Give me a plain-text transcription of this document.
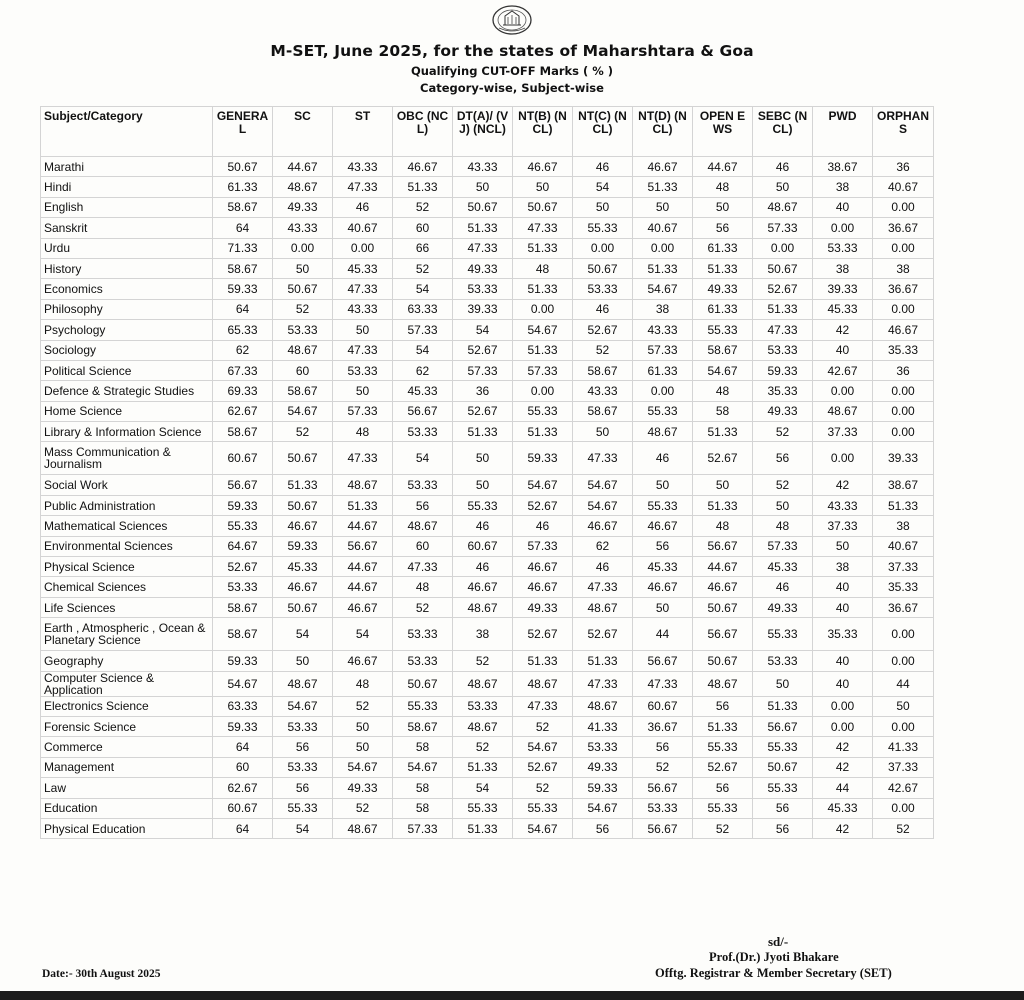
M-SET, June 2025, for the states of Maharshtara & Goa
Qualifying CUT-OFF Marks ( % )
Category-wise, Subject-wise
Subject/Category	GENERAL	SC	ST	OBC (NCL)	DT(A)/ (VJ) (NCL)	NT(B) (NCL)	NT(C) (NCL)	NT(D) (NCL)	OPEN EWS	SEBC (NCL)	PWD	ORPHANS
Marathi	50.67	44.67	43.33	46.67	43.33	46.67	46	46.67	44.67	46	38.67	36
Hindi	61.33	48.67	47.33	51.33	50	50	54	51.33	48	50	38	40.67
English	58.67	49.33	46	52	50.67	50.67	50	50	50	48.67	40	0.00
Sanskrit	64	43.33	40.67	60	51.33	47.33	55.33	40.67	56	57.33	0.00	36.67
Urdu	71.33	0.00	0.00	66	47.33	51.33	0.00	0.00	61.33	0.00	53.33	0.00
History	58.67	50	45.33	52	49.33	48	50.67	51.33	51.33	50.67	38	38
Economics	59.33	50.67	47.33	54	53.33	51.33	53.33	54.67	49.33	52.67	39.33	36.67
Philosophy	64	52	43.33	63.33	39.33	0.00	46	38	61.33	51.33	45.33	0.00
Psychology	65.33	53.33	50	57.33	54	54.67	52.67	43.33	55.33	47.33	42	46.67
Sociology	62	48.67	47.33	54	52.67	51.33	52	57.33	58.67	53.33	40	35.33
Political Science	67.33	60	53.33	62	57.33	57.33	58.67	61.33	54.67	59.33	42.67	36
Defence & Strategic Studies	69.33	58.67	50	45.33	36	0.00	43.33	0.00	48	35.33	0.00	0.00
Home Science	62.67	54.67	57.33	56.67	52.67	55.33	58.67	55.33	58	49.33	48.67	0.00
Library & Information Science	58.67	52	48	53.33	51.33	51.33	50	48.67	51.33	52	37.33	0.00
Mass Communication & Journalism	60.67	50.67	47.33	54	50	59.33	47.33	46	52.67	56	0.00	39.33
Social Work	56.67	51.33	48.67	53.33	50	54.67	54.67	50	50	52	42	38.67
Public Administration	59.33	50.67	51.33	56	55.33	52.67	54.67	55.33	51.33	50	43.33	51.33
Mathematical Sciences	55.33	46.67	44.67	48.67	46	46	46.67	46.67	48	48	37.33	38
Environmental Sciences	64.67	59.33	56.67	60	60.67	57.33	62	56	56.67	57.33	50	40.67
Physical Science	52.67	45.33	44.67	47.33	46	46.67	46	45.33	44.67	45.33	38	37.33
Chemical Sciences	53.33	46.67	44.67	48	46.67	46.67	47.33	46.67	46.67	46	40	35.33
Life Sciences	58.67	50.67	46.67	52	48.67	49.33	48.67	50	50.67	49.33	40	36.67
Earth , Atmospheric , Ocean & Planetary Science	58.67	54	54	53.33	38	52.67	52.67	44	56.67	55.33	35.33	0.00
Geography	59.33	50	46.67	53.33	52	51.33	51.33	56.67	50.67	53.33	40	0.00
Computer Science & Application	54.67	48.67	48	50.67	48.67	48.67	47.33	47.33	48.67	50	40	44
Electronics Science	63.33	54.67	52	55.33	53.33	47.33	48.67	60.67	56	51.33	0.00	50
Forensic Science	59.33	53.33	50	58.67	48.67	52	41.33	36.67	51.33	56.67	0.00	0.00
Commerce	64	56	50	58	52	54.67	53.33	56	55.33	55.33	42	41.33
Management	60	53.33	54.67	54.67	51.33	52.67	49.33	52	52.67	50.67	42	37.33
Law	62.67	56	49.33	58	54	52	59.33	56.67	56	55.33	44	42.67
Education	60.67	55.33	52	58	55.33	55.33	54.67	53.33	55.33	56	45.33	0.00
Physical Education	64	54	48.67	57.33	51.33	54.67	56	56.67	52	56	42	52
sd/-
Prof.(Dr.) Jyoti Bhakare
Offtg. Registrar & Member Secretary (SET)
Date:- 30th August 2025
